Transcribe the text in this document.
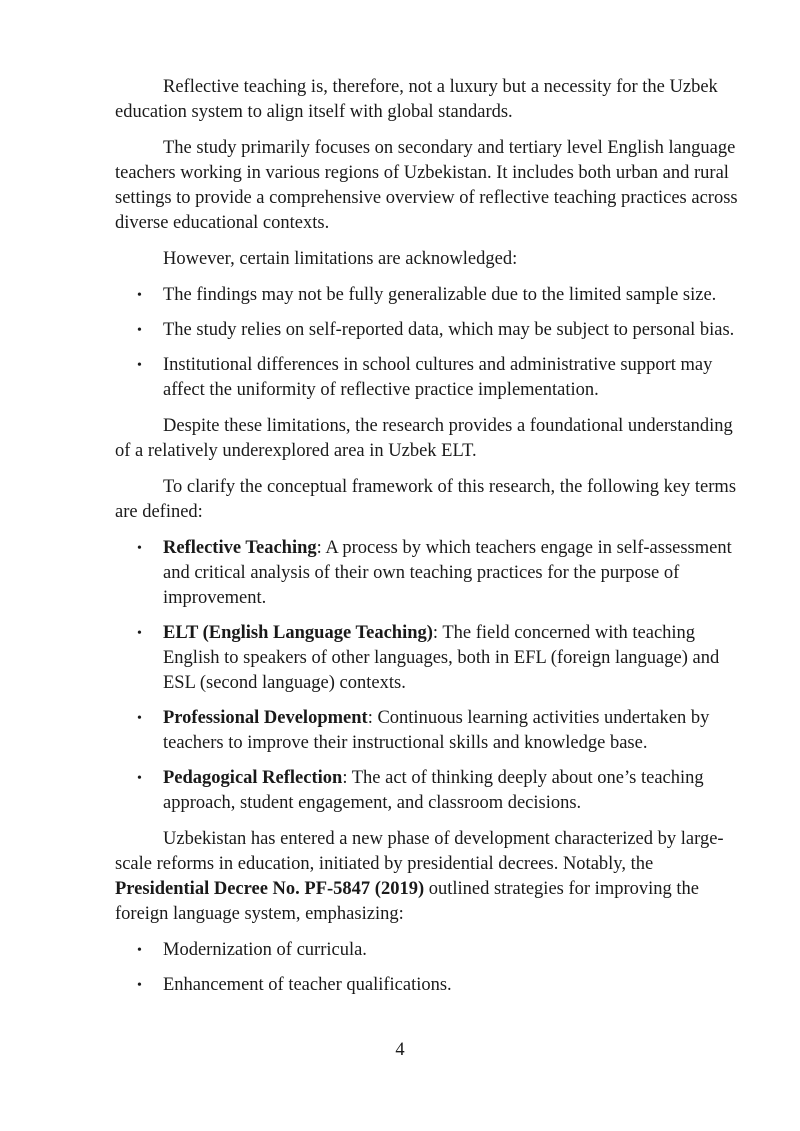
Reflective teaching is, therefore, not a luxury but a necessity for the Uzbek education system to align itself with global standards.

The study primarily focuses on secondary and tertiary level English language teachers working in various regions of Uzbekistan. It includes both urban and rural settings to provide a comprehensive overview of reflective teaching practices across diverse educational contexts.

However, certain limitations are acknowledged:

• The findings may not be fully generalizable due to the limited sample size.
• The study relies on self-reported data, which may be subject to personal bias.
• Institutional differences in school cultures and administrative support may affect the uniformity of reflective practice implementation.

Despite these limitations, the research provides a foundational understanding of a relatively underexplored area in Uzbek ELT.

To clarify the conceptual framework of this research, the following key terms are defined:

• Reflective Teaching: A process by which teachers engage in self-assessment and critical analysis of their own teaching practices for the purpose of improvement.
• ELT (English Language Teaching): The field concerned with teaching English to speakers of other languages, both in EFL (foreign language) and ESL (second language) contexts.
• Professional Development: Continuous learning activities undertaken by teachers to improve their instructional skills and knowledge base.
• Pedagogical Reflection: The act of thinking deeply about one’s teaching approach, student engagement, and classroom decisions.

Uzbekistan has entered a new phase of development characterized by large-scale reforms in education, initiated by presidential decrees. Notably, the Presidential Decree No. PF-5847 (2019) outlined strategies for improving the foreign language system, emphasizing:

• Modernization of curricula.
• Enhancement of teacher qualifications.
4
